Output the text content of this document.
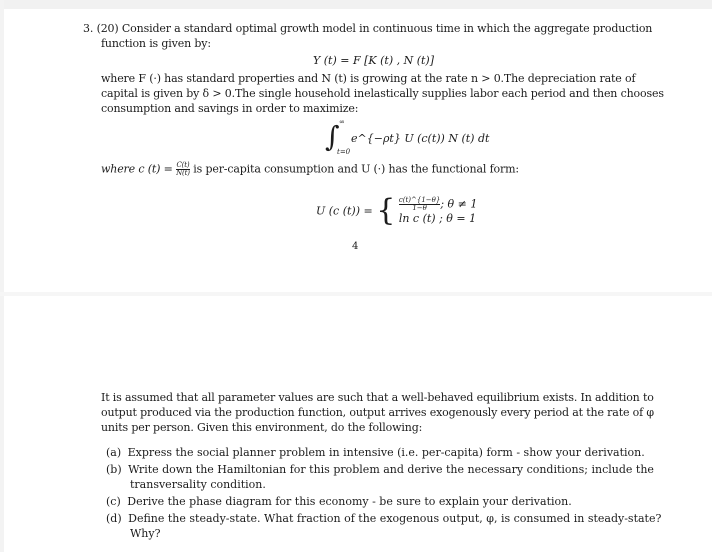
3. (20) Consider a standard optimal growth model in continuous time in which the aggregate production
function is given by:
Y (t) = F [K (t) , N (t)]
where F (·) has standard properties and N (t) is growing at the rate n > 0.The depreciation rate of
capital is given by δ > 0.The single household inelastically supplies labor each period and then chooses
consumption and savings in order to maximize:
∫ ∞
t=0
e^{−ρt} U (c(t)) N (t) dt
where c $(t) = \frac{C(t)}{N(t)}$ is per-capita consumption and U (·) has the functional form:
U (c (t)) = { $\frac{c(t)\^{}\{1-\theta\}}{1-\theta}$ ; θ ≠ 1
ln c (t) ; θ = 1
4
It is assumed that all parameter values are such that a well-behaved equilibrium exists. In addition to
output produced via the production function, output arrives exogenously every period at the rate of φ
units per person. Given this environment, do the following:
(a) Express the social planner problem in intensive (i.e. per-capita) form - show your derivation.
(b) Write down the Hamiltonian for this problem and derive the necessary conditions; include the
transversality condition.
(c) Derive the phase diagram for this economy - be sure to explain your derivation.
(d) Define the steady-state. What fraction of the exogenous output, φ, is consumed in steady-state?
Why?
